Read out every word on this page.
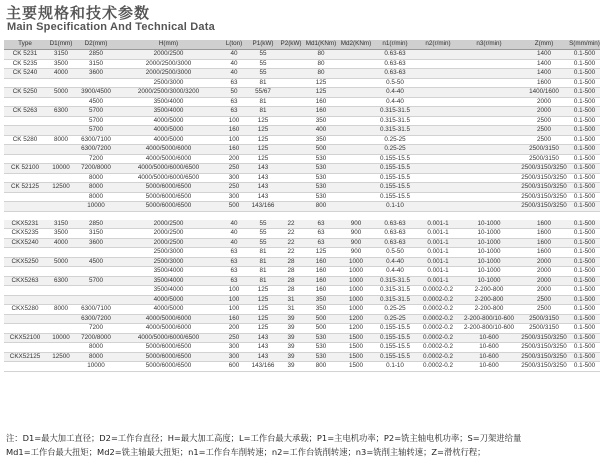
主要规格和技术参数
Main Specification And Technical Data
Type	D1(mm)	D2(mm)	H(mm)	L(ton)	P1(kW)	P2(kW)	Md1(KNm)	Md2(KNm)	n1(r/min)	n2(r/min)	n3(r/min)	Z(mm)	S(mm/min)
CK 5231	3150	2850	2000/2500	40	55		80		0.63-63			1400	0.1-500
CK 5235	3500	3150	2000/2500/3000	40	55		80		0.63-63			1400	0.1-500
CK 5240	4000	3600	2000/2500/3000	40	55		80		0.63-63			1400	0.1-500
			2500/3000	63	81		125		0.5-50			1600	0.1-500
CK 5250	5000	3900/4500	2000/2500/3000/3200	50	55/67		125		0.4-40			1400/1600	0.1-500
		4500	3500/4000	63	81		160		0.4-40			2000	0.1-500
CK 5263	6300	5700	3500/4000	63	81		160		0.315-31.5			2000	0.1-500
		5700	4000/5000	100	125		350		0.315-31.5			2500	0.1-500
		5700	4000/5000	160	125		400		0.315-31.5			2500	0.1-500
CK 5280	8000	6300/7100	4000/5000	100	125		350		0.25-25			2500	0.1-500
		6300/7200	4000/5000/6000	160	125		500		0.25-25			2500/3150	0.1-500
		7200	4000/5000/6000	200	125		530		0.155-15.5			2500/3150	0.1-500
CK 52100	10000	7200/8000	4000/5000/6000/6500	250	143		530		0.155-15.5			2500/3150/3250	0.1-500
		8000	4000/5000/6000/6500	300	143		530		0.155-15.5			2500/3150/3250	0.1-500
CK 52125	12500	8000	5000/6000/6500	250	143		530		0.155-15.5			2500/3150/3250	0.1-500
		8000	5000/6000/6500	300	143		530		0.155-15.5			2500/3150/3250	0.1-500
		10000	5000/6000/6500	500	143/166		800		0.1-10			2500/3150/3250	0.1-500

CKX5231	3150	2850	2000/2500	40	55	22	63	900	0.63-63	0.001-1	10-1000	1600	0.1-500
CKX5235	3500	3150	2000/2500	40	55	22	63	900	0.63-63	0.001-1	10-1000	1600	0.1-500
CKX5240	4000	3600	2000/2500	40	55	22	63	900	0.63-63	0.001-1	10-1000	1600	0.1-500
			2500/3000	63	81	22	125	900	0.5-50	0.001-1	10-1000	1600	0.1-500
CKX5250	5000	4500	2500/3000	63	81	28	160	1000	0.4-40	0.001-1	10-1000	2000	0.1-500
			3500/4000	63	81	28	160	1000	0.4-40	0.001-1	10-1000	2000	0.1-500
CKX5263	6300	5700	3500/4000	63	81	28	160	1000	0.315-31.5	0.001-1	10-1000	2000	0.1-500
			3500/4000	100	125	28	160	1000	0.315-31.5	0.0002-0.2	2-200-800	2000	0.1-500
			4000/5000	100	125	31	350	1000	0.315-31.5	0.0002-0.2	2-200-800	2500	0.1-500
CKX5280	8000	6300/7100	4000/5000	100	125	31	350	1000	0.25-25	0.0002-0.2	2-200-800	2500	0.1-500
		6300/7200	4000/5000/6000	160	125	39	500	1200	0.25-25	0.0002-0.2	2-200-800/10-600	2500/3150	0.1-500
		7200	4000/5000/6000	200	125	39	500	1200	0.155-15.5	0.0002-0.2	2-200-800/10-600	2500/3150	0.1-500
CKX52100	10000	7200/8000	4000/5000/6000/6500	250	143	39	530	1500	0.155-15.5	0.0002-0.2	10-600	2500/3150/3250	0.1-500
		8000	5000/6000/6500	300	143	39	530	1500	0.155-15.5	0.0002-0.2	10-600	2500/3150/3250	0.1-500
CKX52125	12500	8000	5000/6000/6500	300	143	39	530	1500	0.155-15.5	0.0002-0.2	10-600	2500/3150/3250	0.1-500
		10000	5000/6000/6500	600	143/166	39	800	1500	0.1-10	0.0002-0.2	10-600	2500/3150/3250	0.1-500
注：D1=最大加工直径；D2=工作台直径；H=最大加工高度；L=工作台最大承载；P1=主电机功率；P2=铣主轴电机功率；S=刀架进给量
Md1=工作台最大扭矩；Md2=铣主轴最大扭矩；n1=工作台车削转速；n2=工作台铣削转速；n3=铣削主轴转速；Z=滑枕行程；
